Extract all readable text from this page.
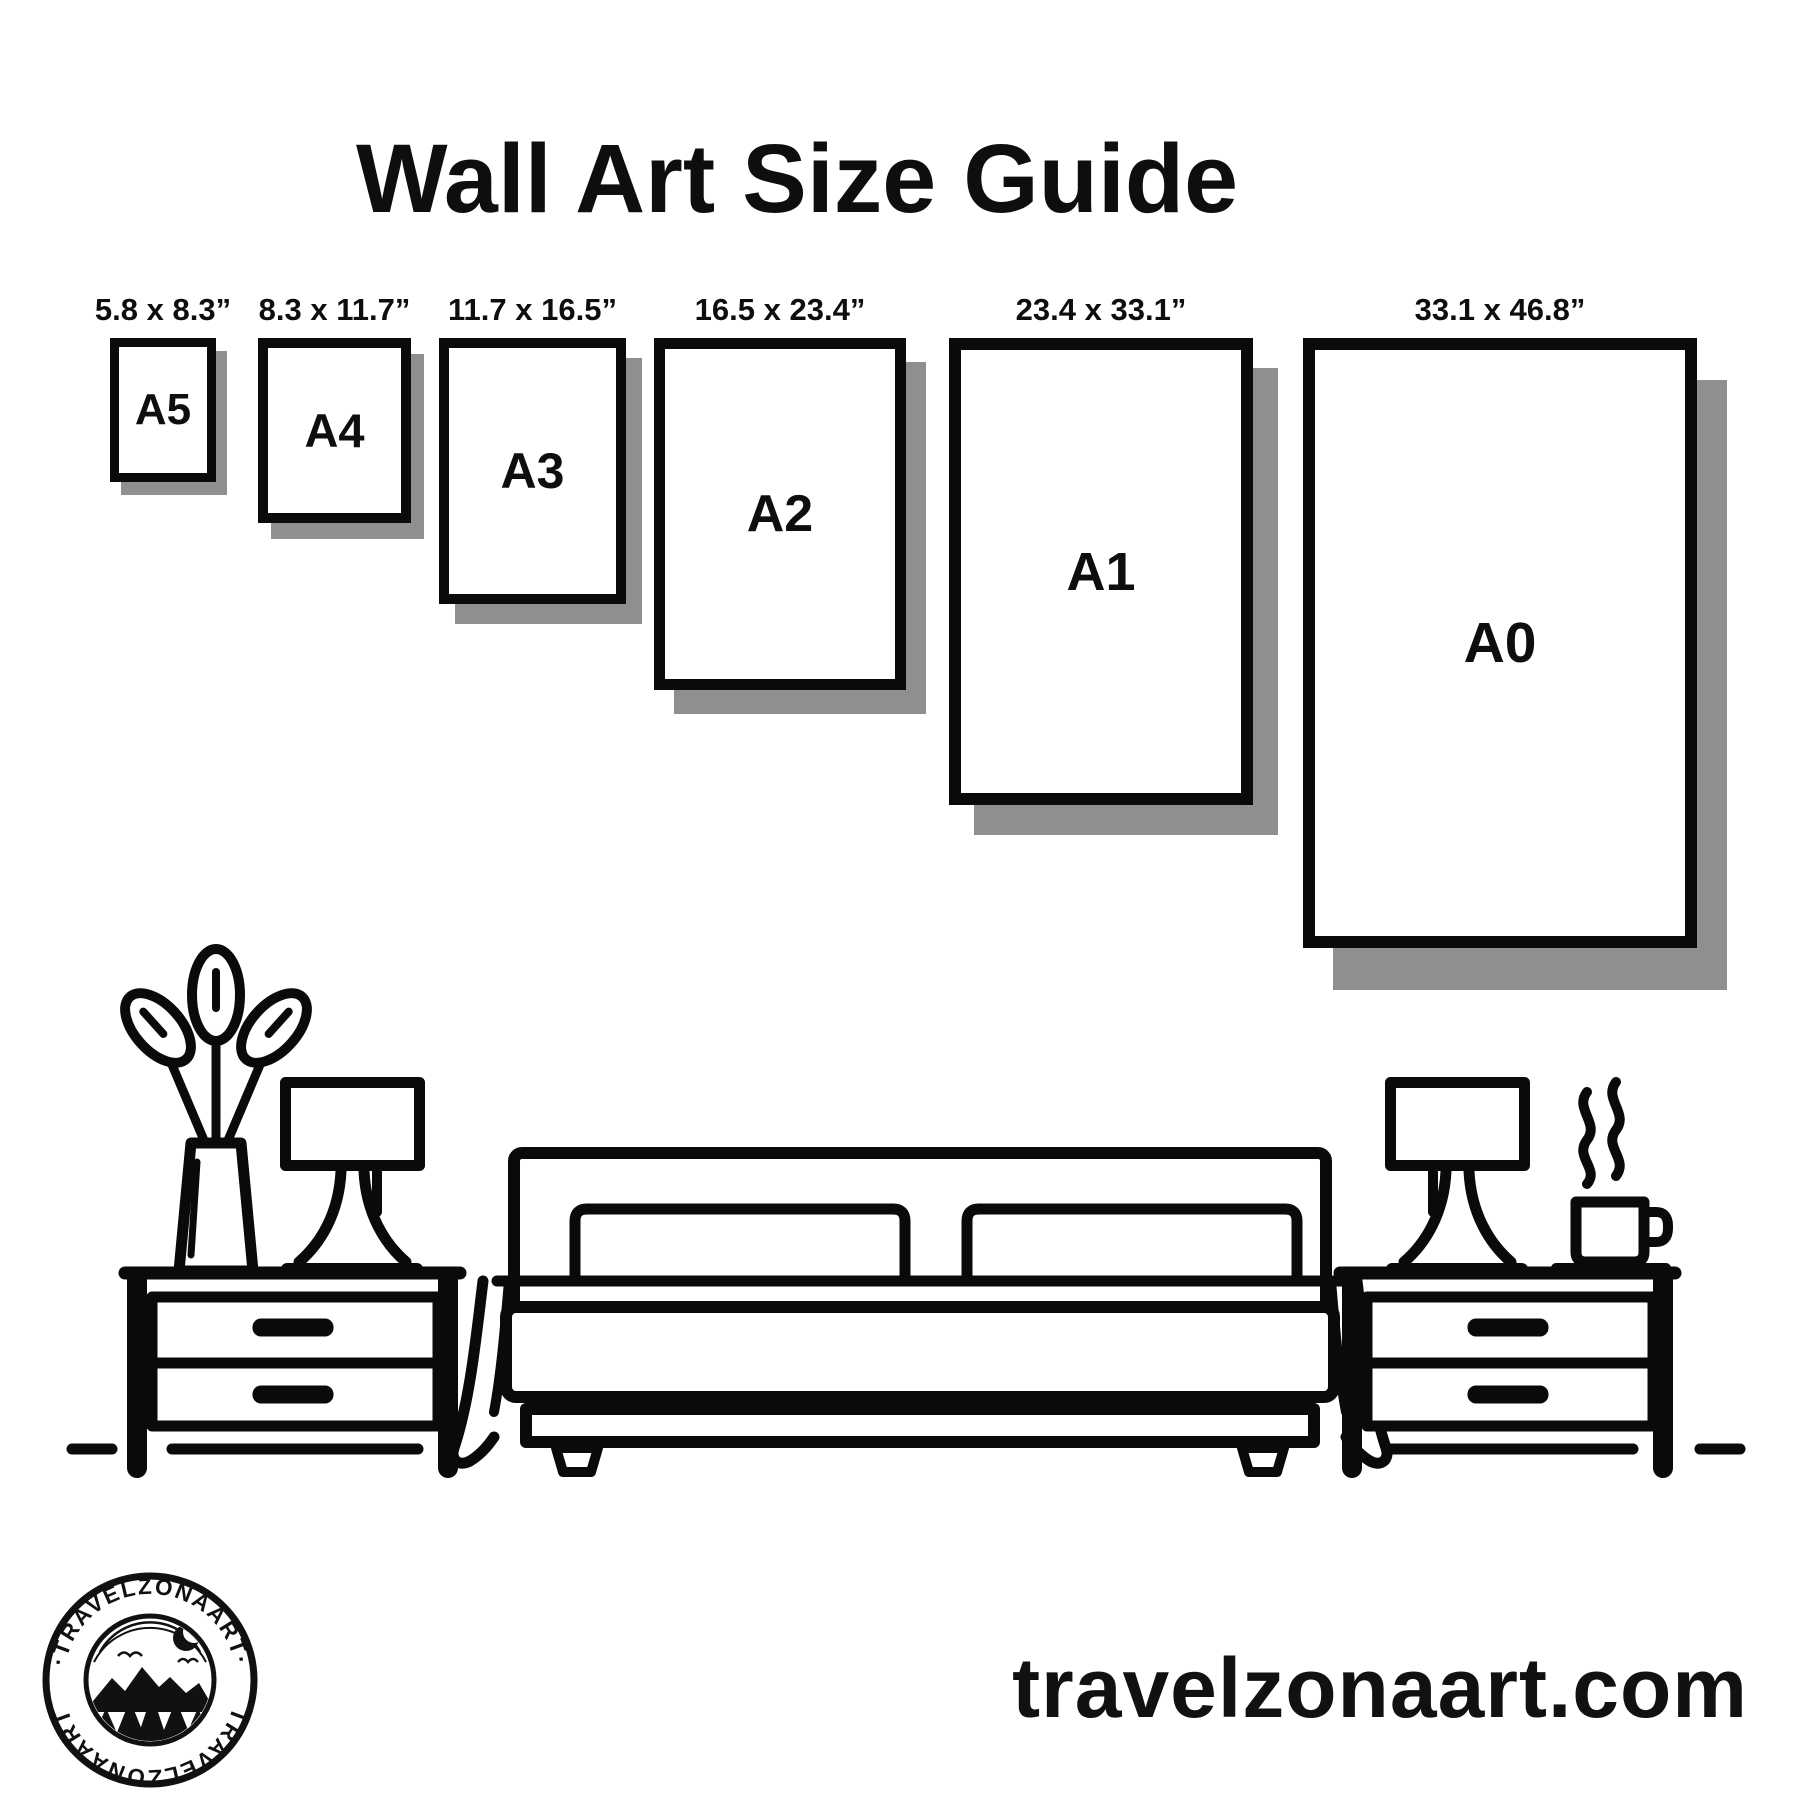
Wall Art Size Guide
5.8 x 8.3”
A5
8.3 x 11.7”
A4
11.7 x 16.5”
A3
16.5 x 23.4”
A2
23.4 x 33.1”
A1
33.1 x 46.8”
A0
·TRAVELZONAART·
TRAVELZONAART	travelzonaart.com
